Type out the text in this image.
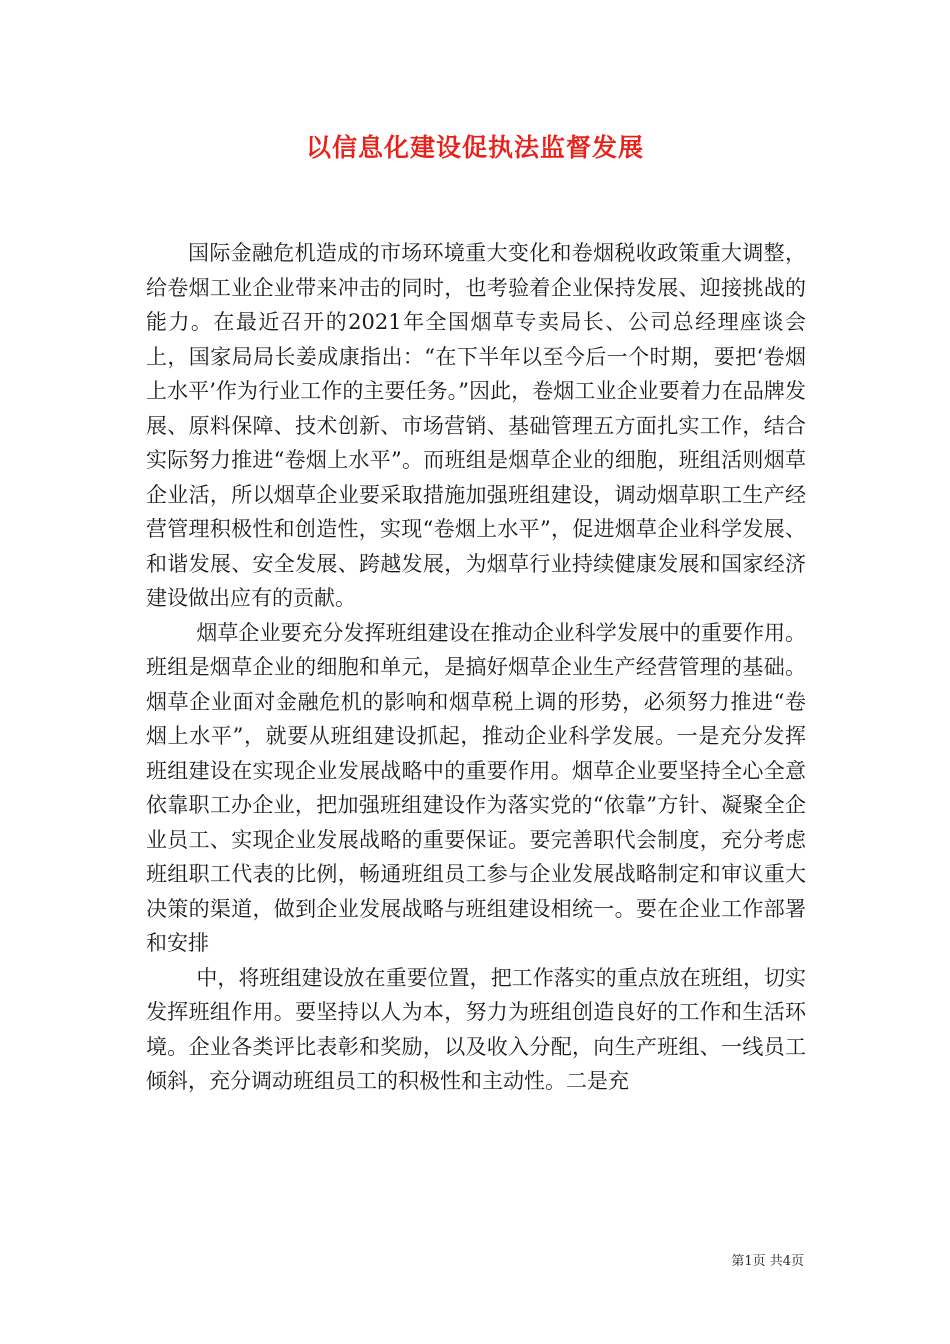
以信息化建设促执法监督发展

国际金融危机造成的市场环境重大变化和卷烟税收政策重大调整，给卷烟工业企业带来冲击的同时，也考验着企业保持发展、迎接挑战的能力。在最近召开的2021年全国烟草专卖局长、公司总经理座谈会上，国家局局长姜成康指出：“在下半年以至今后一个时期，要把‘卷烟上水平’作为行业工作的主要任务。”因此，卷烟工业企业要着力在品牌发展、原料保障、技术创新、市场营销、基础管理五方面扎实工作，结合实际努力推进“卷烟上水平”。而班组是烟草企业的细胞，班组活则烟草企业活，所以烟草企业要采取措施加强班组建设，调动烟草职工生产经营管理积极性和创造性，实现“卷烟上水平”，促进烟草企业科学发展、和谐发展、安全发展、跨越发展，为烟草行业持续健康发展和国家经济建设做出应有的贡献。

烟草企业要充分发挥班组建设在推动企业科学发展中的重要作用。班组是烟草企业的细胞和单元，是搞好烟草企业生产经营管理的基础。烟草企业面对金融危机的影响和烟草税上调的形势，必须努力推进“卷烟上水平”，就要从班组建设抓起，推动企业科学发展。一是充分发挥班组建设在实现企业发展战略中的重要作用。烟草企业要坚持全心全意依靠职工办企业，把加强班组建设作为落实党的“依靠”方针、凝聚全企业员工、实现企业发展战略的重要保证。要完善职代会制度，充分考虑班组职工代表的比例，畅通班组员工参与企业发展战略制定和审议重大决策的渠道，做到企业发展战略与班组建设相统一。要在企业工作部署和安排

中，将班组建设放在重要位置，把工作落实的重点放在班组，切实发挥班组作用。要坚持以人为本，努力为班组创造良好的工作和生活环境。企业各类评比表彰和奖励，以及收入分配，向生产班组、一线员工倾斜，充分调动班组员工的积极性和主动性。二是充

第1页 共4页
